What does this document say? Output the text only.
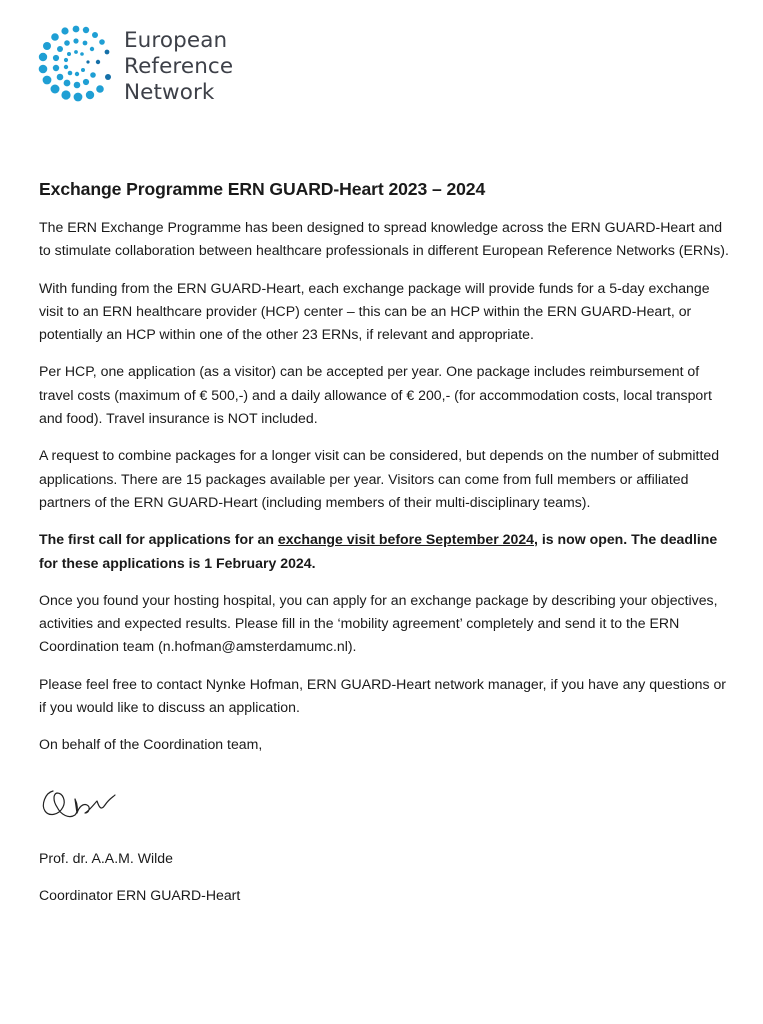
European
Reference
Network
Exchange Programme ERN GUARD-Heart 2023 – 2024

The ERN Exchange Programme has been designed to spread knowledge across the ERN GUARD-Heart and to stimulate collaboration between healthcare professionals in different European Reference Networks (ERNs).

With funding from the ERN GUARD-Heart, each exchange package will provide funds for a 5-day exchange visit to an ERN healthcare provider (HCP) center – this can be an HCP within the ERN GUARD-Heart, or potentially an HCP within one of the other 23 ERNs, if relevant and appropriate.

Per HCP, one application (as a visitor) can be accepted per year. One package includes reimbursement of travel costs (maximum of € 500,-) and a daily allowance of € 200,- (for accommodation costs, local transport and food). Travel insurance is NOT included.

A request to combine packages for a longer visit can be considered, but depends on the number of submitted applications. There are 15 packages available per year. Visitors can come from full members or affiliated partners of the ERN GUARD-Heart (including members of their multi-disciplinary teams).

The first call for applications for an exchange visit before September 2024, is now open. The deadline for these applications is 1 February 2024.

Once you found your hosting hospital, you can apply for an exchange package by describing your objectives, activities and expected results. Please fill in the ‘mobility agreement’ completely and send it to the ERN Coordination team (n.hofman@amsterdamumc.nl).

Please feel free to contact Nynke Hofman, ERN GUARD-Heart network manager, if you have any questions or if you would like to discuss an application.

On behalf of the Coordination team,

Prof. dr. A.A.M. Wilde

Coordinator ERN GUARD-Heart
